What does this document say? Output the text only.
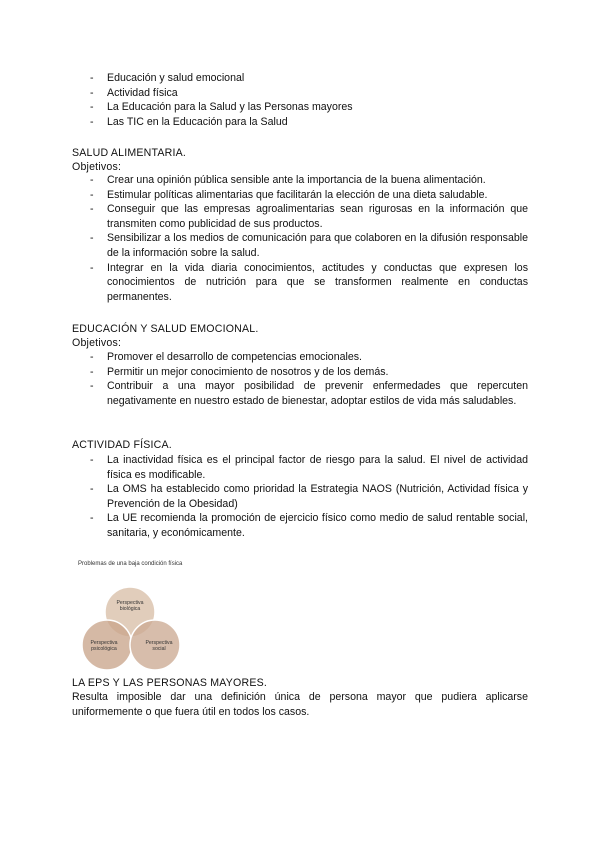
- Educación y salud emocional
- Actividad física
- La Educación para la Salud y las Personas mayores
- Las TIC en la Educación para la Salud
SALUD ALIMENTARIA.
Objetivos:
- Crear una opinión pública sensible ante la importancia de la buena alimentación.
- Estimular políticas alimentarias que facilitarán la elección de una dieta saludable.
- Conseguir que las empresas agroalimentarias sean rigurosas en la información que transmiten como publicidad de sus productos.
- Sensibilizar a los medios de comunicación para que colaboren en la difusión responsable de la información sobre la salud.
- Integrar en la vida diaria conocimientos, actitudes y conductas que expresen los conocimientos de nutrición para que se transformen realmente en conductas permanentes.
EDUCACIÓN Y SALUD EMOCIONAL.
Objetivos:
- Promover el desarrollo de competencias emocionales.
- Permitir un mejor conocimiento de nosotros y de los demás.
- Contribuir a una mayor posibilidad de prevenir enfermedades que repercuten negativamente en nuestro estado de bienestar, adoptar estilos de vida más saludables.
ACTIVIDAD FÍSICA.
- La inactividad física es el principal factor de riesgo para la salud. El nivel de actividad física es modificable.
- La OMS ha establecido como prioridad la Estrategia NAOS (Nutrición, Actividad física y Prevención de la Obesidad)
- La UE recomienda la promoción de ejercicio físico como medio de salud rentable social, sanitaria, y económicamente.
Problemas de una baja condición física
Perspectiva
biológica
Perspectiva
psicológica
Perspectiva
social
LA EPS Y LAS PERSONAS MAYORES.
Resulta imposible dar una definición única de persona mayor que pudiera aplicarse uniformemente o que fuera útil en todos los casos.
